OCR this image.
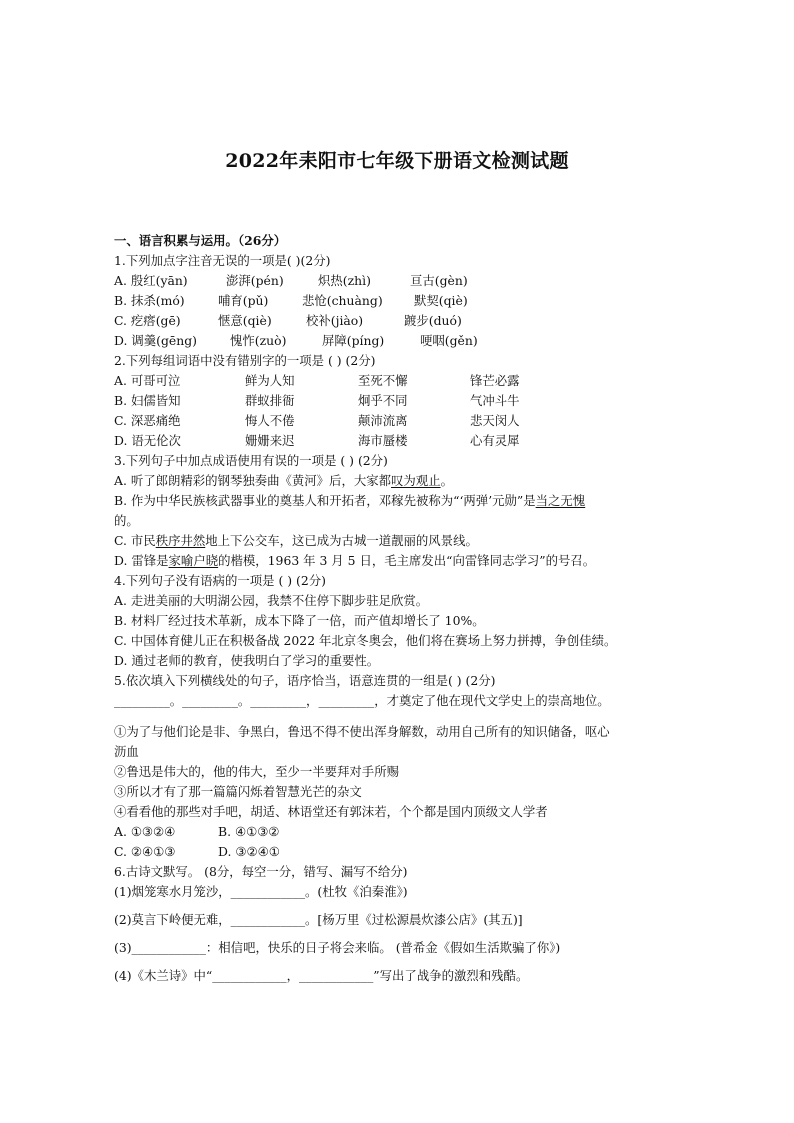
2022年耒阳市七年级下册语文检测试题
一、语言积累与运用。（26分）
1.下列加点字注音无误的一项是( )(2分)
A. 殷红(yān)	澎湃(pén)	炽热(zhì)	亘古(gèn)
B. 抹杀(mó)	哺育(pǔ)	悲怆(chuàng)	默契(qiè)
C. 疙瘩(gē)	惬意(qiè)	校补(jiào)	踱步(duó)
D. 调羹(gēng)	愧怍(zuò)	屏障(píng)	哽咽(gěn)
2.下列每组词语中没有错别字的一项是 ( ) (2分)
A. 可哥可泣	鲜为人知	至死不懈	锋芒必露
B. 妇儒皆知	群蚁排衙	炯乎不同	气冲斗牛
C. 深恶痛绝	悔人不倦	颠沛流离	悲天闵人
D. 语无伦次	姗姗来迟	海市蜃楼	心有灵犀
3.下列句子中加点成语使用有误的一项是 ( ) (2分)
A. 听了郎朗精彩的钢琴独奏曲《黄河》后，大家都叹为观止。
B. 作为中华民族核武器事业的奠基人和开拓者，邓稼先被称为“‘两弹’元勋”是当之无愧
的。
C. 市民秩序井然地上下公交车，这已成为古城一道靓丽的风景线。
D. 雷锋是家喻户晓的楷模，1963 年 3 月 5 日，毛主席发出“向雷锋同志学习”的号召。
4.下列句子没有语病的一项是 ( ) (2分)
A. 走进美丽的大明湖公园，我禁不住停下脚步驻足欣赏。
B. 材料厂经过技术革新，成本下降了一倍，而产值却增长了 10%。
C. 中国体育健儿正在积极备战 2022 年北京冬奥会，他们将在赛场上努力拼搏，争创佳绩。
D. 通过老师的教育，使我明白了学习的重要性。
5.依次填入下列横线处的句子，语序恰当，语意连贯的一组是( ) (2分)
_________。_________。_________，_________，才奠定了他在现代文学史上的崇高地位。
①为了与他们论是非、争黑白，鲁迅不得不使出浑身解数，动用自己所有的知识储备，呕心
沥血
②鲁迅是伟大的，他的伟大，至少一半要拜对手所赐
③所以才有了那一篇篇闪烁着智慧光芒的杂文
④看看他的那些对手吧，胡适、林语堂还有郭沫若，个个都是国内顶级文人学者
A. ①③②④	B. ④①③②
C. ②④①③	D. ③②④①
6.古诗文默写。 (8分，每空一分，错写、漏写不给分)
(1)烟笼寒水月笼沙，____________。(杜牧《泊秦淮》)
(2)莫言下岭便无难，____________。[杨万里《过松源晨炊漆公店》(其五)]
(3)____________：相信吧，快乐的日子将会来临。 (普希金《假如生活欺骗了你》)
(4)《木兰诗》中“____________，____________”写出了战争的激烈和残酷。
